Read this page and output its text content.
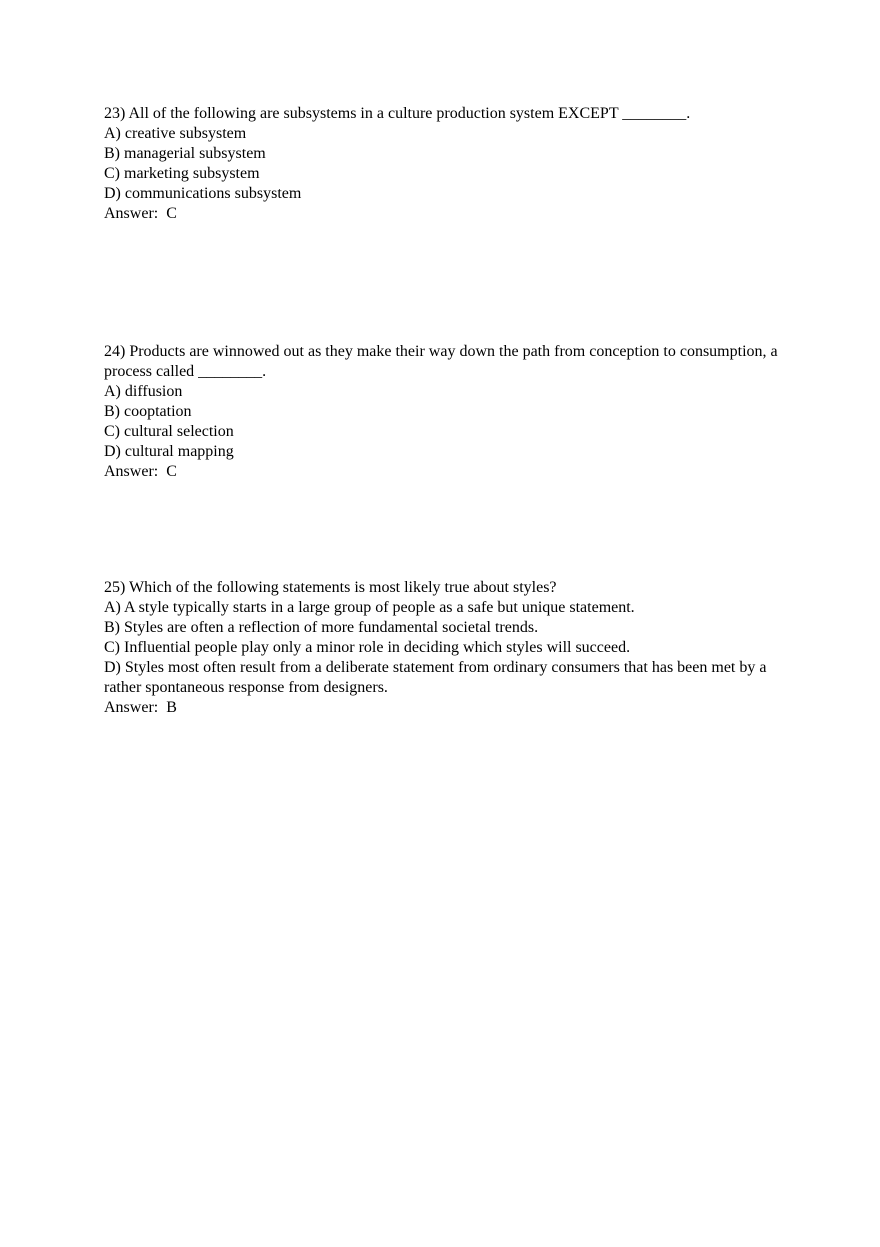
23) All of the following are subsystems in a culture production system EXCEPT ________.
A) creative subsystem
B) managerial subsystem
C) marketing subsystem
D) communications subsystem
Answer:  C
24) Products are winnowed out as they make their way down the path from conception to consumption, a process called ________.
A) diffusion
B) cooptation
C) cultural selection
D) cultural mapping
Answer:  C
25) Which of the following statements is most likely true about styles?
A) A style typically starts in a large group of people as a safe but unique statement.
B) Styles are often a reflection of more fundamental societal trends.
C) Influential people play only a minor role in deciding which styles will succeed.
D) Styles most often result from a deliberate statement from ordinary consumers that has been met by a rather spontaneous response from designers.
Answer:  B
